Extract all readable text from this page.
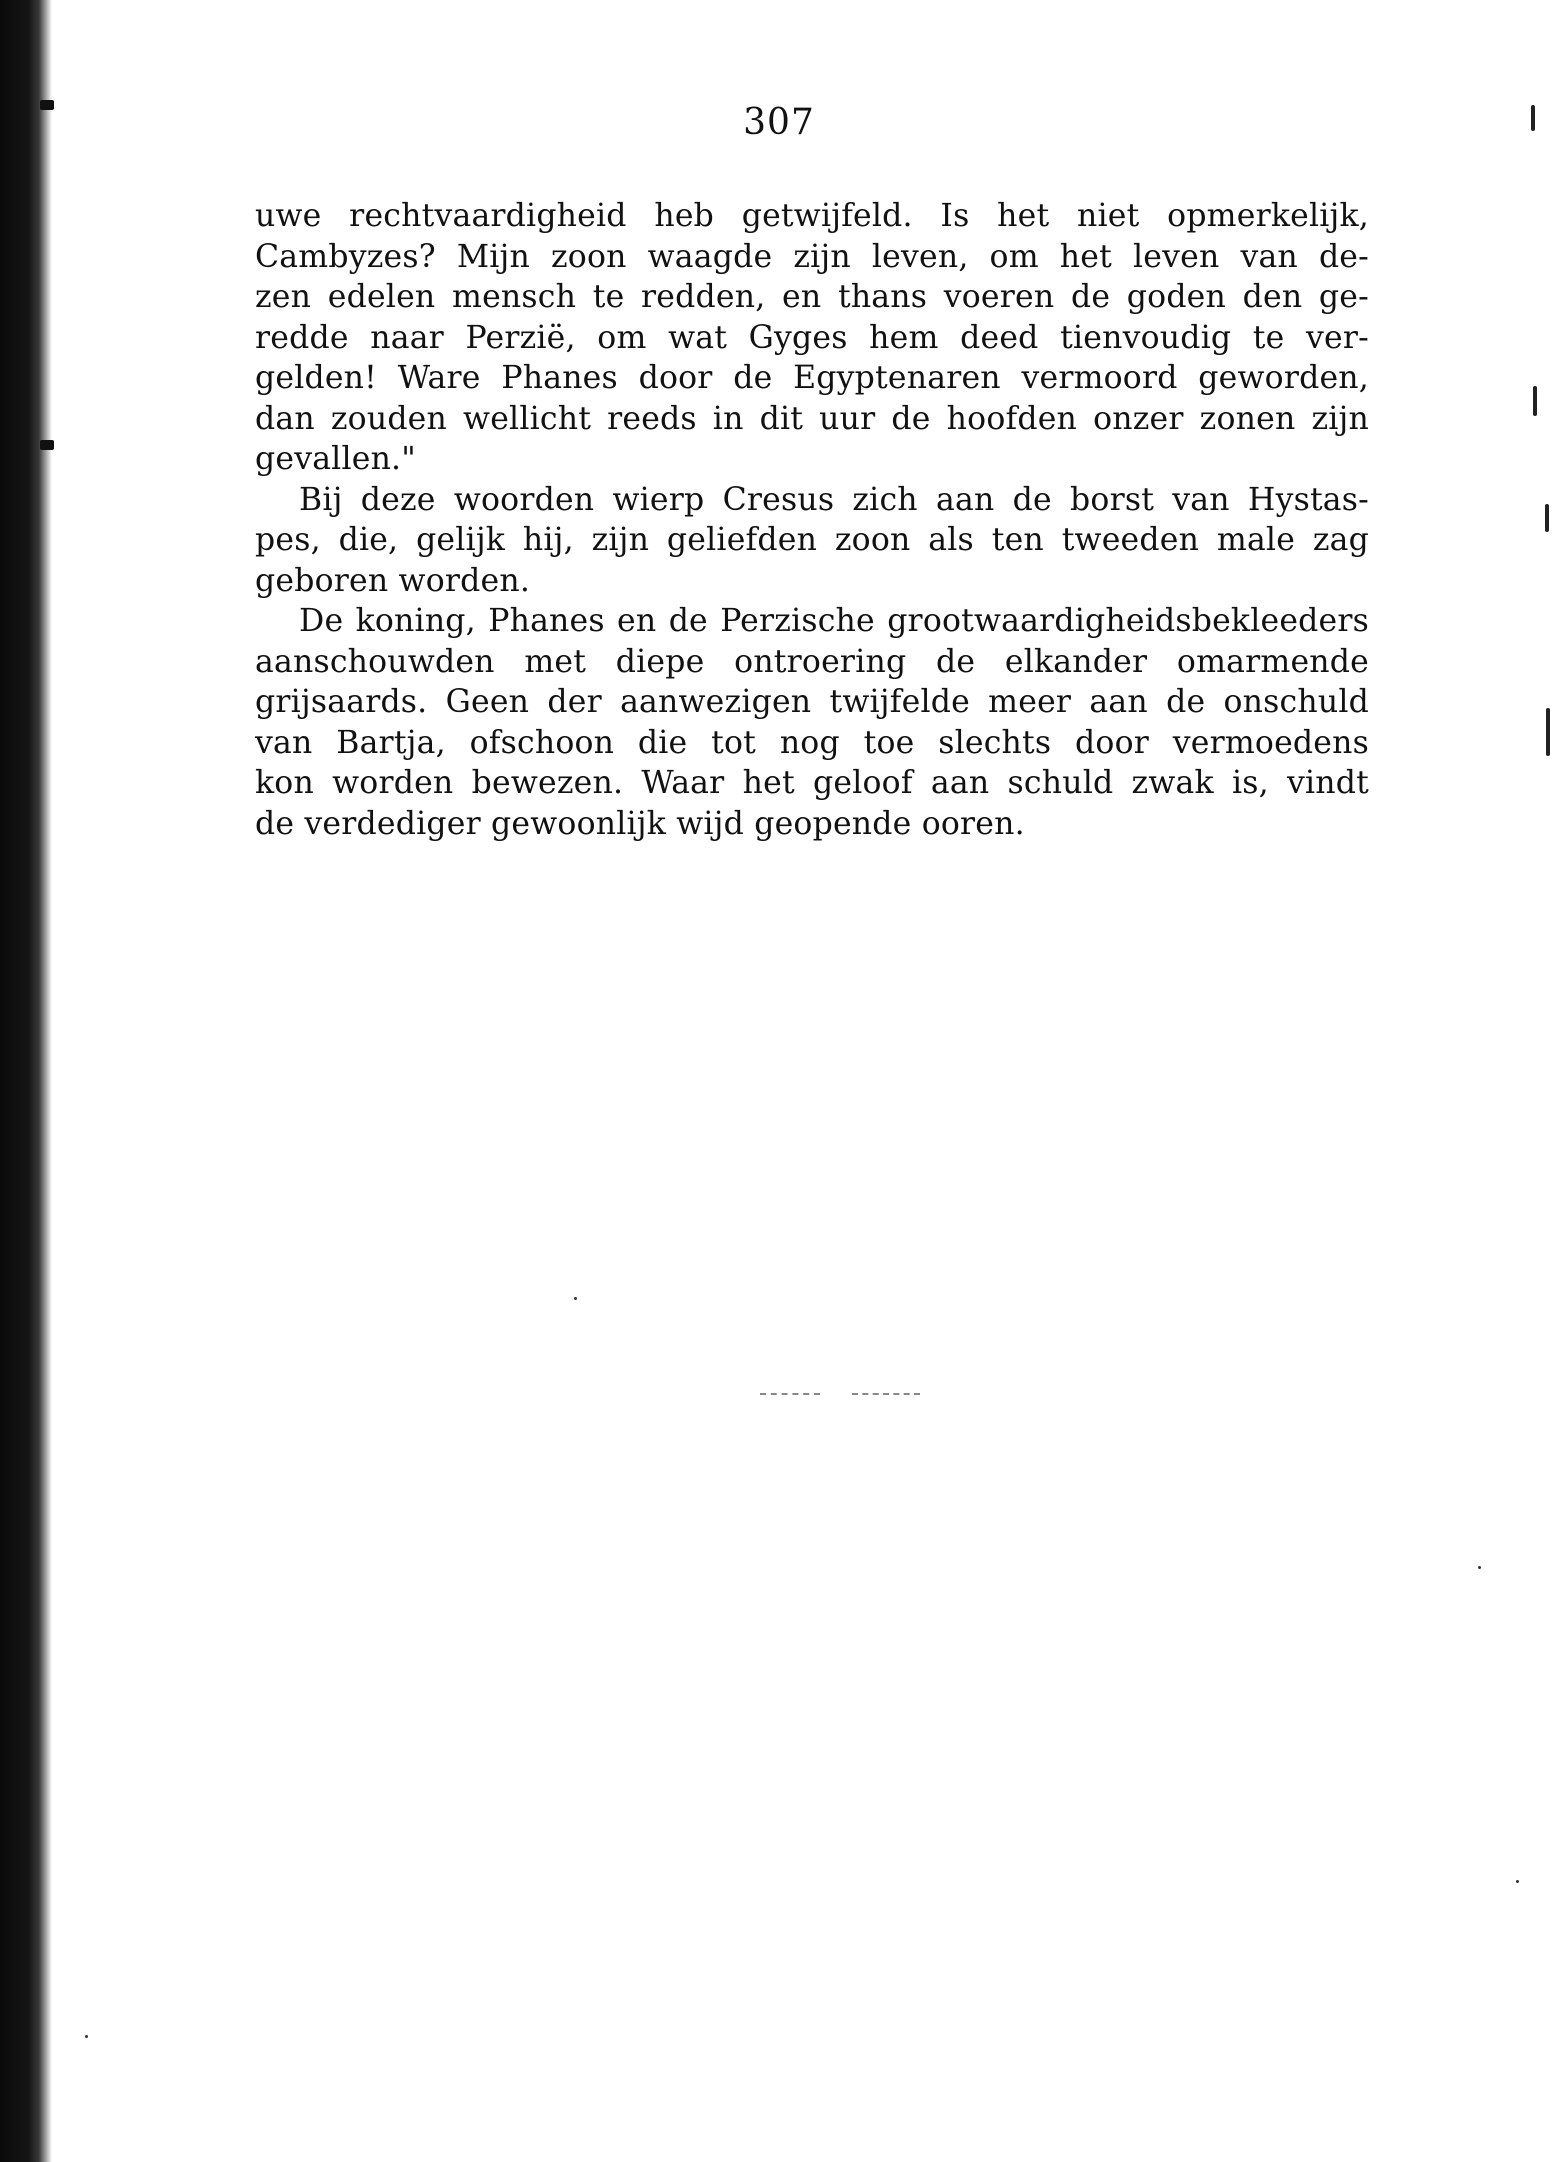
307

uwe rechtvaardigheid heb getwijfeld. Is het niet opmerkelijk,
Cambyzes? Mijn zoon waagde zijn leven, om het leven van de-
zen edelen mensch te redden, en thans voeren de goden den ge-
redde naar Perzië, om wat Gyges hem deed tienvoudig te ver-
gelden! Ware Phanes door de Egyptenaren vermoord geworden,
dan zouden wellicht reeds in dit uur de hoofden onzer zonen zijn
gevallen."
Bij deze woorden wierp Cresus zich aan de borst van Hystas-
pes, die, gelijk hij, zijn geliefden zoon als ten tweeden male zag
geboren worden.
De koning, Phanes en de Perzische grootwaardigheidsbekleeders
aanschouwden met diepe ontroering de elkander omarmende
grijsaards. Geen der aanwezigen twijfelde meer aan de onschuld
van Bartja, ofschoon die tot nog toe slechts door vermoedens
kon worden bewezen. Waar het geloof aan schuld zwak is, vindt
de verdediger gewoonlijk wijd geopende ooren.
